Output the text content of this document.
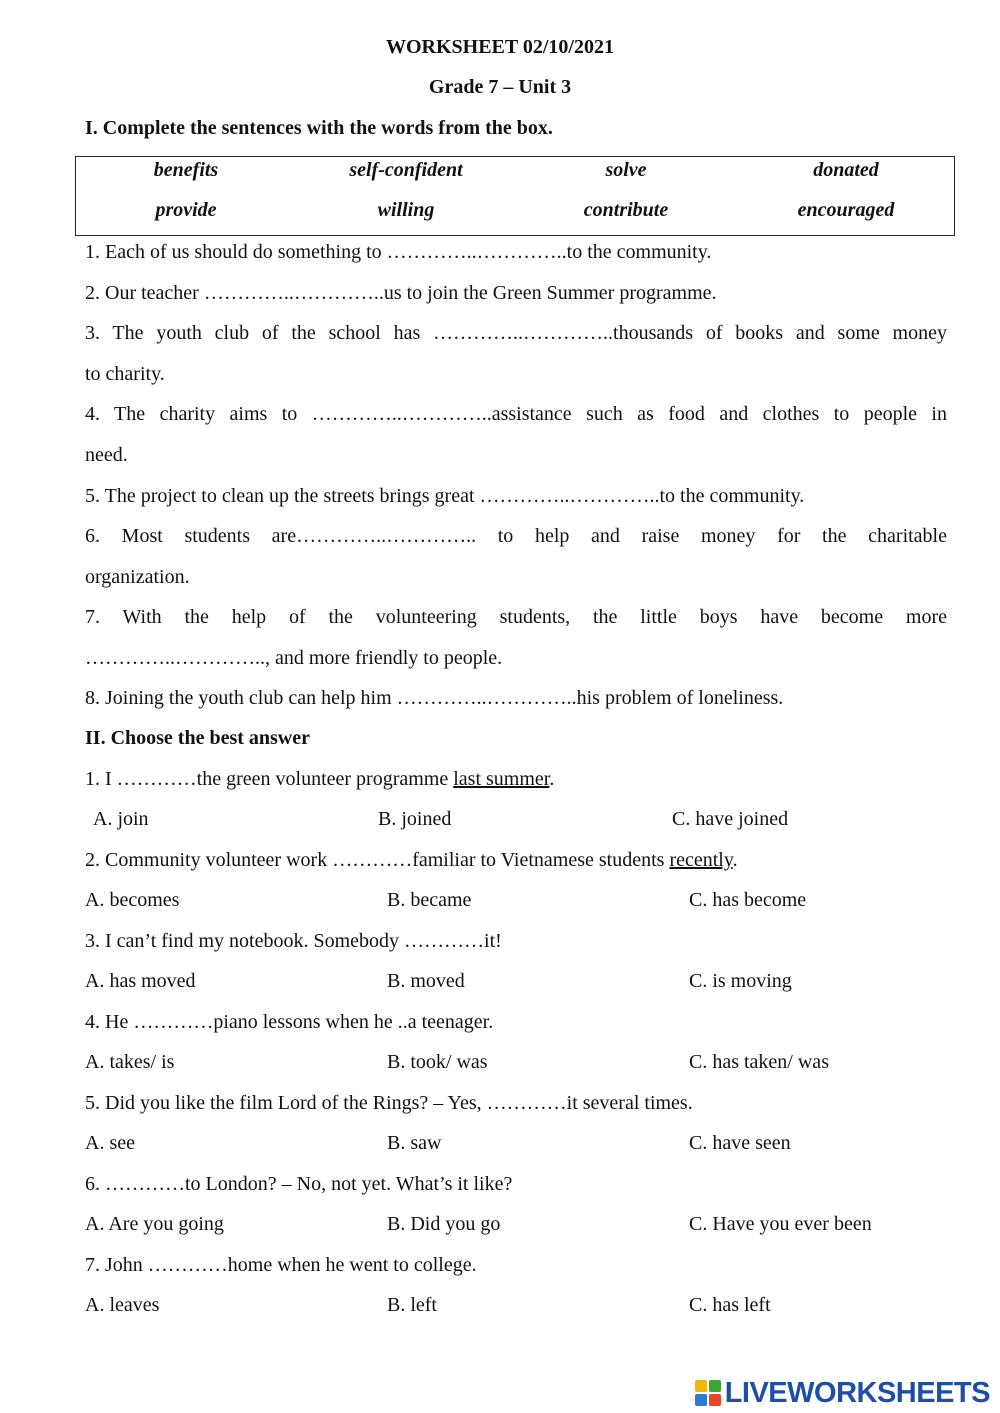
WORKSHEET 02/10/2021
Grade 7 – Unit 3
I. Complete the sentences with the words from the box.
benefits	self-confident	solve	donated
provide	willing	contribute	encouraged
1. Each of us should do something to …………..…………..to the community.
2. Our teacher …………..…………..us to join the Green Summer programme.
3. The youth club of the school has …………..…………..thousands of books and some money
to charity.
4. The charity aims to …………..…………..assistance such as food and clothes to people in
need.
5. The project to clean up the streets brings great …………..…………..to the community.
6. Most students are…………..………….. to help and raise money for the charitable
organization.
7. With the help of the volunteering students, the little boys have become more
…………..………….., and more friendly to people.
8. Joining the youth club can help him …………..…………..his problem of loneliness.
II. Choose the best answer
1. I …………the green volunteer programme last summer.
A. join	B. joined	C. have joined
2. Community volunteer work …………familiar to Vietnamese students recently.
A. becomes	B. became	C. has become
3. I can’t find my notebook. Somebody …………it!
A. has moved	B. moved	C. is moving
4. He …………piano lessons when he ..a teenager.
A. takes/ is	B. took/ was	C. has taken/ was
5. Did you like the film Lord of the Rings? – Yes, …………it several times.
A. see	B. saw	C. have seen
6. …………to London? – No, not yet. What’s it like?
A. Are you going	B. Did you go	C. Have you ever been
7. John …………home when he went to college.
A. leaves	B. left	C. has left
LIVEWORKSHEETS
